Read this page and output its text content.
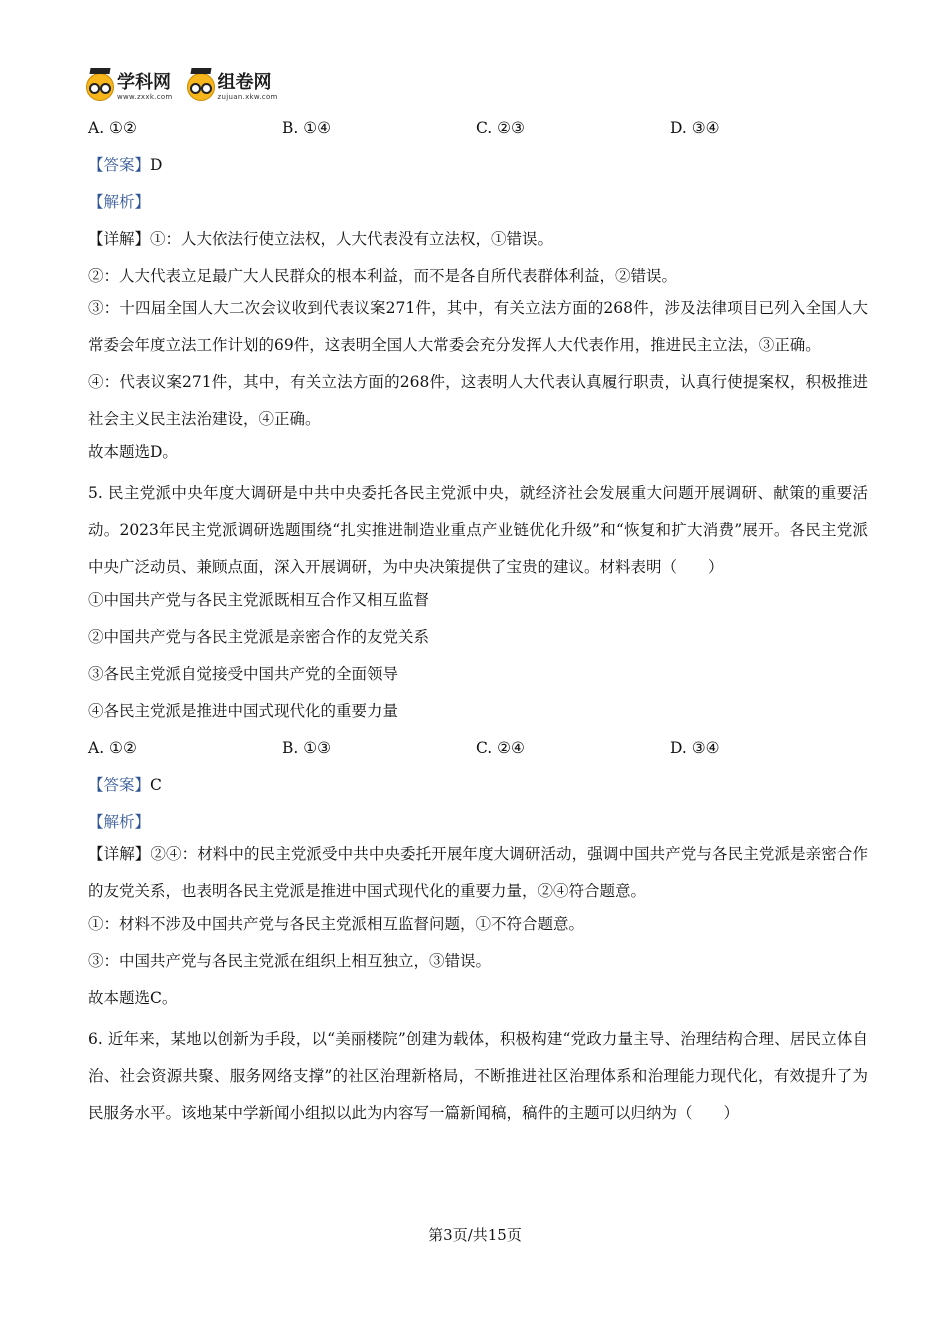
学科网
www.zxxk.com
组卷网
zujuan.xkw.com
A. ①②	B. ①④	C. ②③	D. ③④
【答案】D
【解析】
【详解】①：人大依法行使立法权，人大代表没有立法权，①错误。
②：人大代表立足最广大人民群众的根本利益，而不是各自所代表群体利益，②错误。

③：十四届全国人大二次会议收到代表议案271件，其中，有关立法方面的268件，涉及法律项目已列入全国人大常委会年度立法工作计划的69件，这表明全国人大常委会充分发挥人大代表作用，推进民主立法，③正确。

④：代表议案271件，其中，有关立法方面的268件，这表明人大代表认真履行职责，认真行使提案权，积极推进社会主义民主法治建设，④正确。

故本题选D。

5. 民主党派中央年度大调研是中共中央委托各民主党派中央，就经济社会发展重大问题开展调研、献策的重要活动。2023年民主党派调研选题围绕“扎实推进制造业重点产业链优化升级”和“恢复和扩大消费”展开。各民主党派中央广泛动员、兼顾点面，深入开展调研，为中央决策提供了宝贵的建议。材料表明（　　）

①中国共产党与各民主党派既相互合作又相互监督
②中国共产党与各民主党派是亲密合作的友党关系
③各民主党派自觉接受中国共产党的全面领导
④各民主党派是推进中国式现代化的重要力量
A. ①②	B. ①③	C. ②④	D. ③④
【答案】C
【解析】

【详解】②④：材料中的民主党派受中共中央委托开展年度大调研活动，强调中国共产党与各民主党派是亲密合作的友党关系，也表明各民主党派是推进中国式现代化的重要力量，②④符合题意。

①：材料不涉及中国共产党与各民主党派相互监督问题，①不符合题意。
③：中国共产党与各民主党派在组织上相互独立，③错误。
故本题选C。

6. 近年来，某地以创新为手段，以“美丽楼院”创建为载体，积极构建“党政力量主导、治理结构合理、居民立体自治、社会资源共聚、服务网络支撑”的社区治理新格局，不断推进社区治理体系和治理能力现代化，有效提升了为民服务水平。该地某中学新闻小组拟以此为内容写一篇新闻稿，稿件的主题可以归纳为（　　）

第3页/共15页
